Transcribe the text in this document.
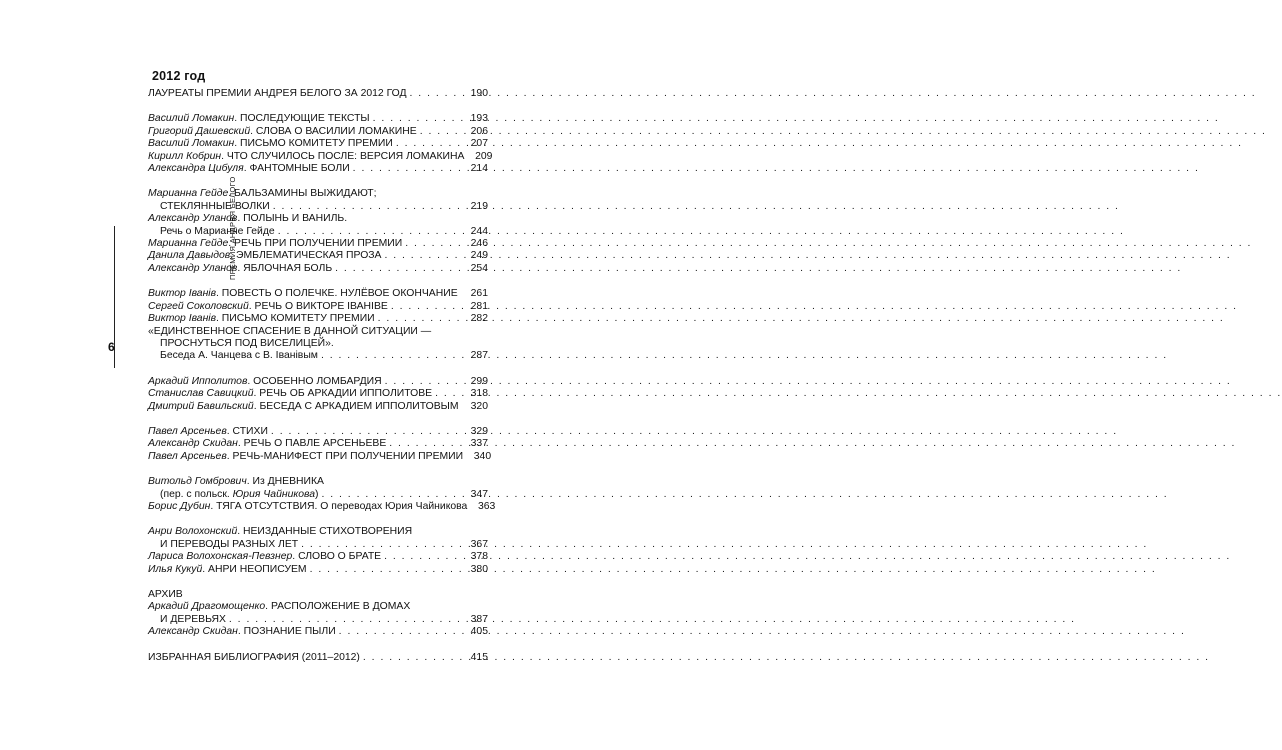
2012 год
ПРЕМИЯ АНДРЕЯ БЕЛОГО
6
ЛАУРЕАТЫ ПРЕМИИ АНДРЕЯ БЕЛОГО ЗА 2012 ГОД . . .	190
Василий Ломакин. ПОСЛЕДУЮЩИЕ ТЕКСТЫ . . .	193
Григорий Дашевский. СЛОВА О ВАСИЛИИ ЛОМАКИНЕ . . .	206
Василий Ломакин. ПИСЬМО КОМИТЕТУ ПРЕМИИ . . .	207
Кирилл Кобрин. ЧТО СЛУЧИЛОСЬ ПОСЛЕ: ВЕРСИЯ ЛОМАКИНА 209
Александра Цибуля. ФАНТОМНЫЕ БОЛИ . . .	214
Марианна Гейде. БАЛЬЗАМИНЫ ВЫЖИДАЮТ;
СТЕКЛЯННЫЕ ВОЛКИ . . .	219
Александр Уланов. ПОЛЫНЬ И ВАНИЛЬ.
Речь о Марианне Гейде . . .	244
Марианна Гейде. РЕЧЬ ПРИ ПОЛУЧЕНИИ ПРЕМИИ . . .	246
Данила Давыдов. ЭМБЛЕМАТИЧЕСКАЯ ПРОЗА . . .	249
Александр Уланов. ЯБЛОЧНАЯ БОЛЬ . . .	254
Виктор Iванiв. ПОВЕСТЬ О ПОЛЕЧКЕ. НУЛЁВОЕ ОКОНЧАНИЕ 261
Сергей Соколовский. РЕЧЬ О ВИКТОРЕ IВАНIВЕ . . .	281
Виктор Iванiв. ПИСЬМО КОМИТЕТУ ПРЕМИИ . . .	282
«ЕДИНСТВЕННОЕ СПАСЕНИЕ В ДАННОЙ СИТУАЦИИ —
ПРОСНУТЬСЯ ПОД ВИСЕЛИЦЕЙ».
Беседа А. Чанцева с В. Iванiвым . . .	287
Аркадий Ипполитов. ОСОБЕННО ЛОМБАРДИЯ . . .	299
Станислав Савицкий. РЕЧЬ ОБ АРКАДИИ ИППОЛИТОВЕ . . .	318
Дмитрий Бавильский. БЕСЕДА С АРКАДИЕМ ИППОЛИТОВЫМ 320
Павел Арсеньев. СТИХИ . . .	329
Александр Скидан. РЕЧЬ О ПАВЛЕ АРСЕНЬЕВЕ . . .	337
Павел Арсеньев. РЕЧЬ-МАНИФЕСТ ПРИ ПОЛУЧЕНИИ ПРЕМИИ 340
Витольд Гомбрович. Из ДНЕВНИКА
(пер. с польск. Юрия Чайникова) . . .	347
Борис Дубин. ТЯГА ОТСУТСТВИЯ. О переводах Юрия Чайникова 363
Анри Волохонский. НЕИЗДАННЫЕ СТИХОТВОРЕНИЯ
И ПЕРЕВОДЫ РАЗНЫХ ЛЕТ . . .	367
Лариса Волохонская-Певзнер. СЛОВО О БРАТЕ . . .	378
Илья Кукуй. АНРИ НЕОПИСУЕМ . . .	380
АРХИВ
Аркадий Драгомощенко. РАСПОЛОЖЕНИЕ В ДОМАХ
И ДЕРЕВЬЯХ . . .	387
Александр Скидан. ПОЗНАНИЕ ПЫЛИ . . .	405
ИЗБРАННАЯ БИБЛИОГРАФИЯ (2011–2012) . . .	415
